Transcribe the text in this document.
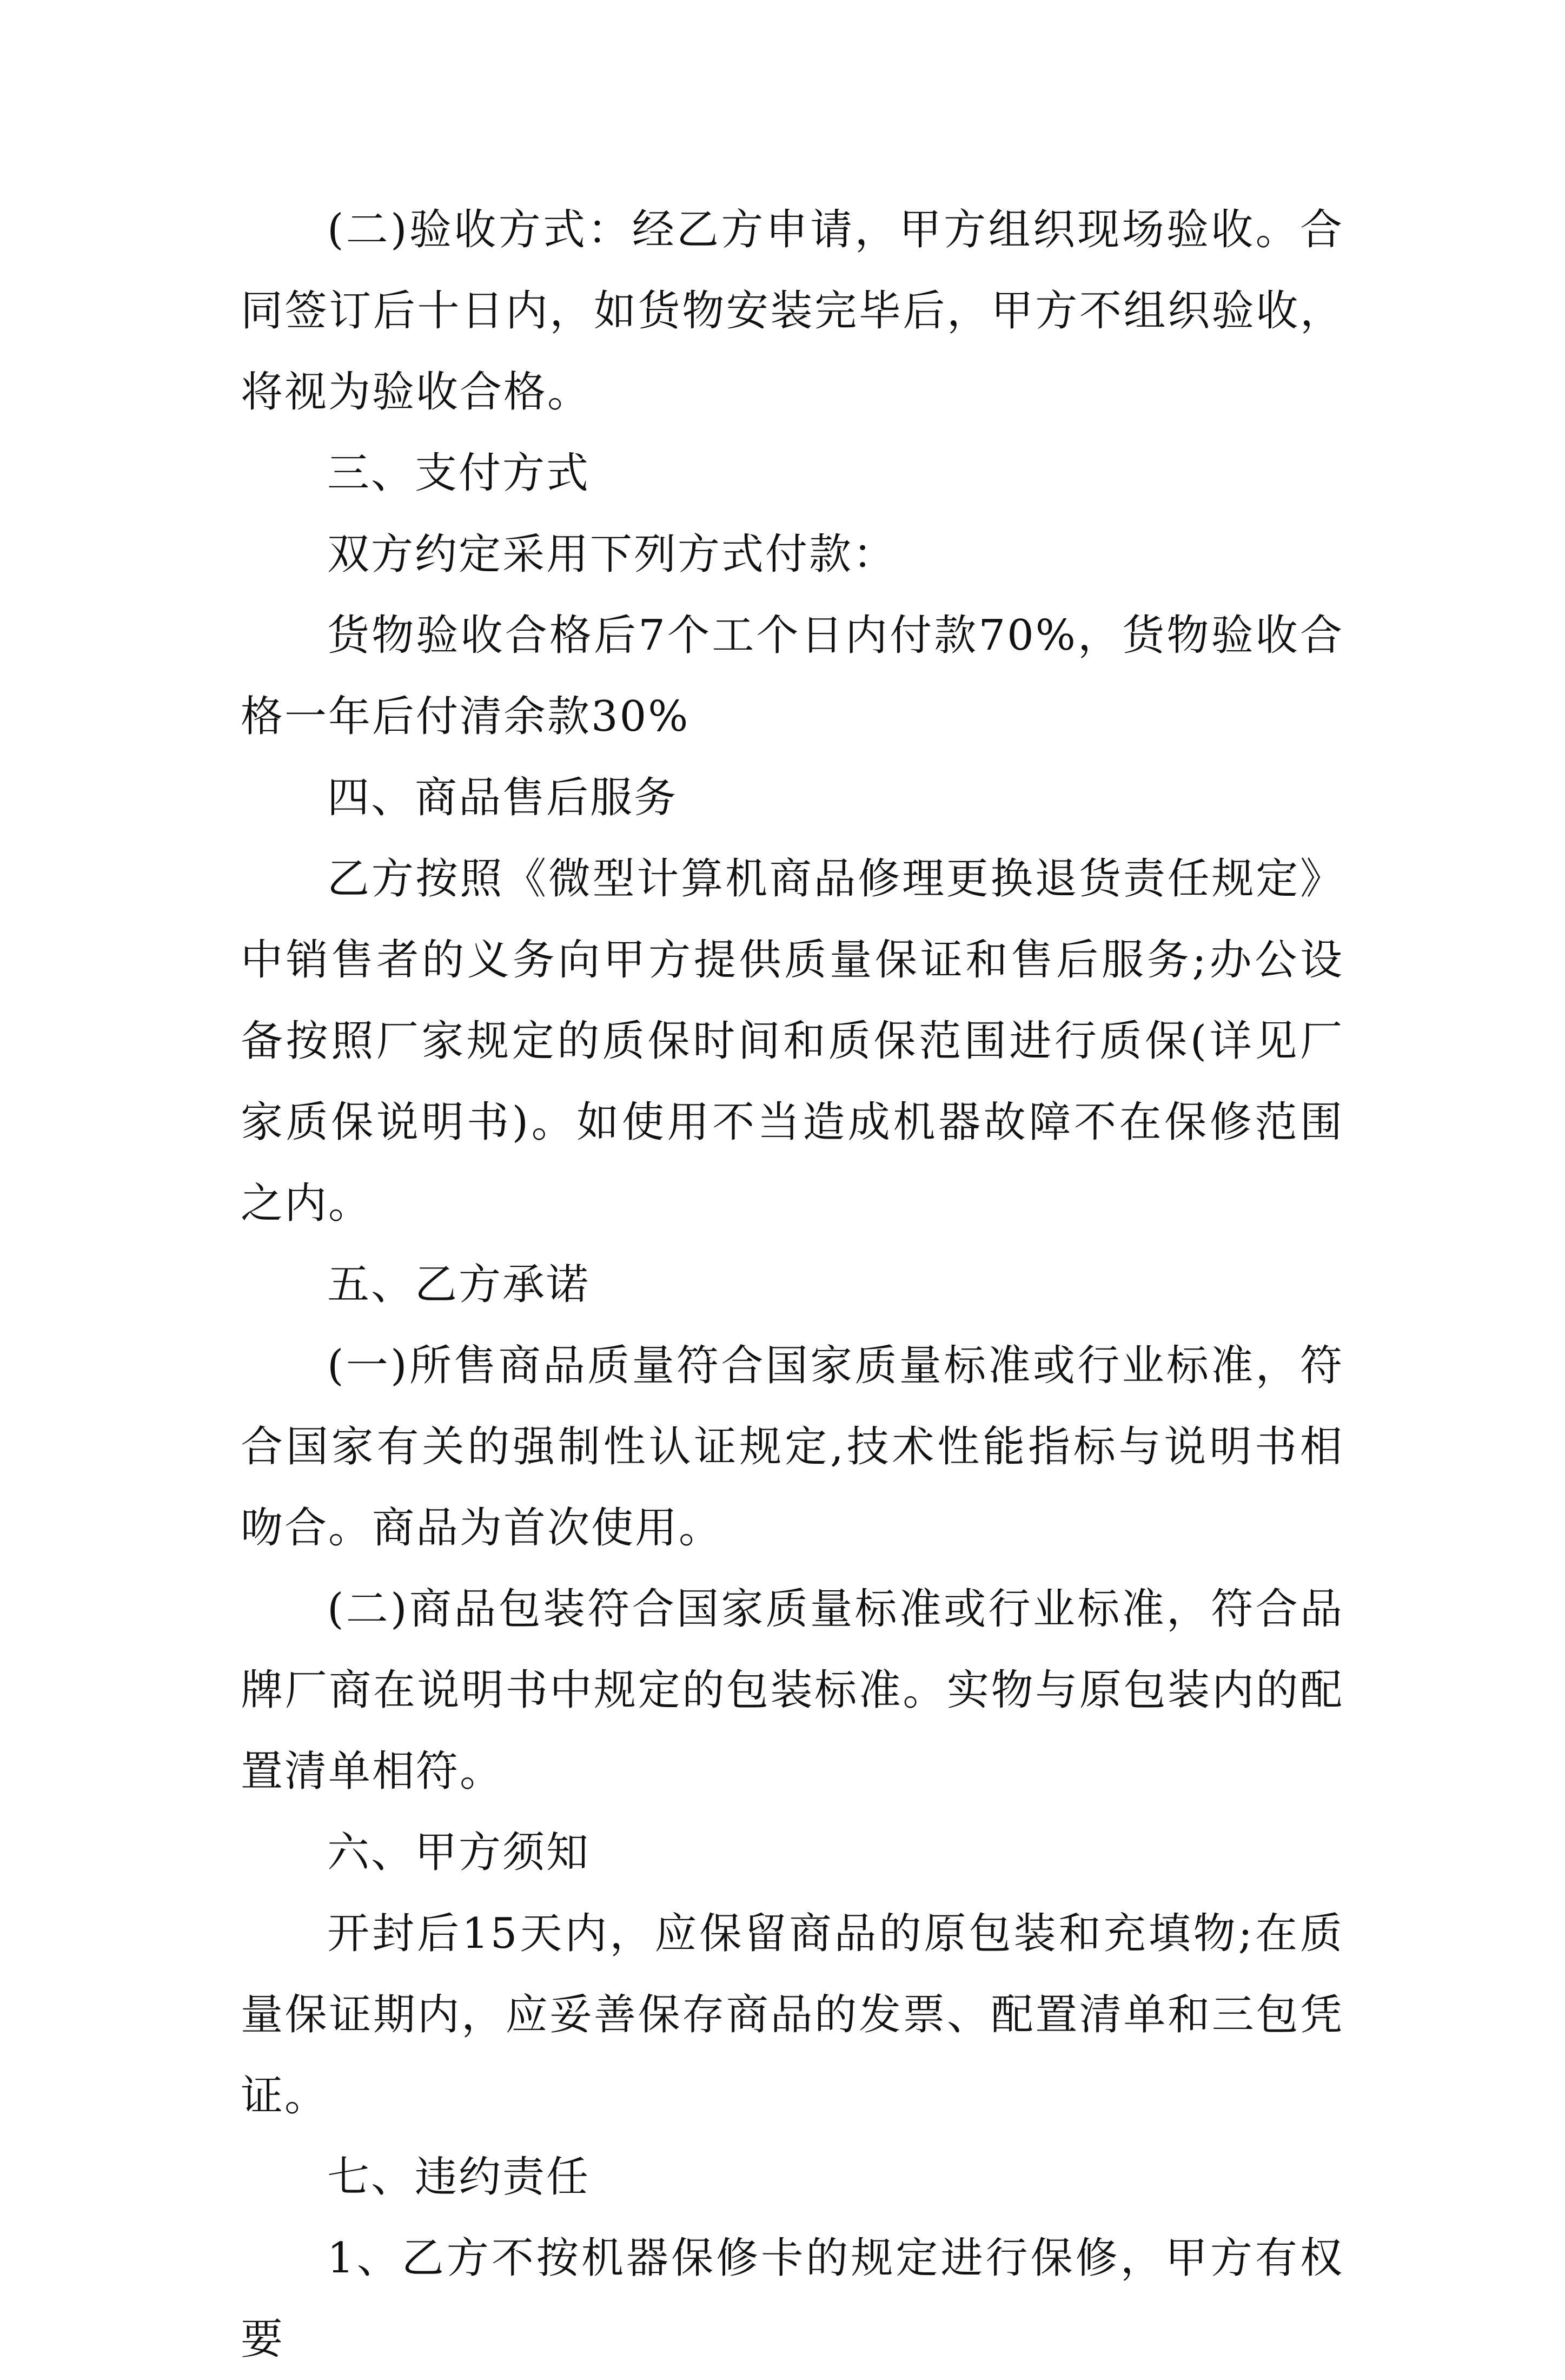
(二)验收方式：经乙方申请，甲方组织现场验收。合同签订后十日内，如货物安装完毕后，甲方不组织验收，将视为验收合格。

三、支付方式

双方约定采用下列方式付款：

货物验收合格后7个工个日内付款70%，货物验收合格一年后付清余款30%

四、商品售后服务

乙方按照《微型计算机商品修理更换退货责任规定》中销售者的义务向甲方提供质量保证和售后服务;办公设备按照厂家规定的质保时间和质保范围进行质保(详见厂家质保说明书)。如使用不当造成机器故障不在保修范围之内。

五、乙方承诺

(一)所售商品质量符合国家质量标准或行业标准，符合国家有关的强制性认证规定,技术性能指标与说明书相吻合。商品为首次使用。

(二)商品包装符合国家质量标准或行业标准，符合品牌厂商在说明书中规定的包装标准。实物与原包装内的配置清单相符。

六、甲方须知

开封后15天内，应保留商品的原包装和充填物;在质量保证期内，应妥善保存商品的发票、配置清单和三包凭证。

七、违约责任

1、乙方不按机器保修卡的规定进行保修，甲方有权要
